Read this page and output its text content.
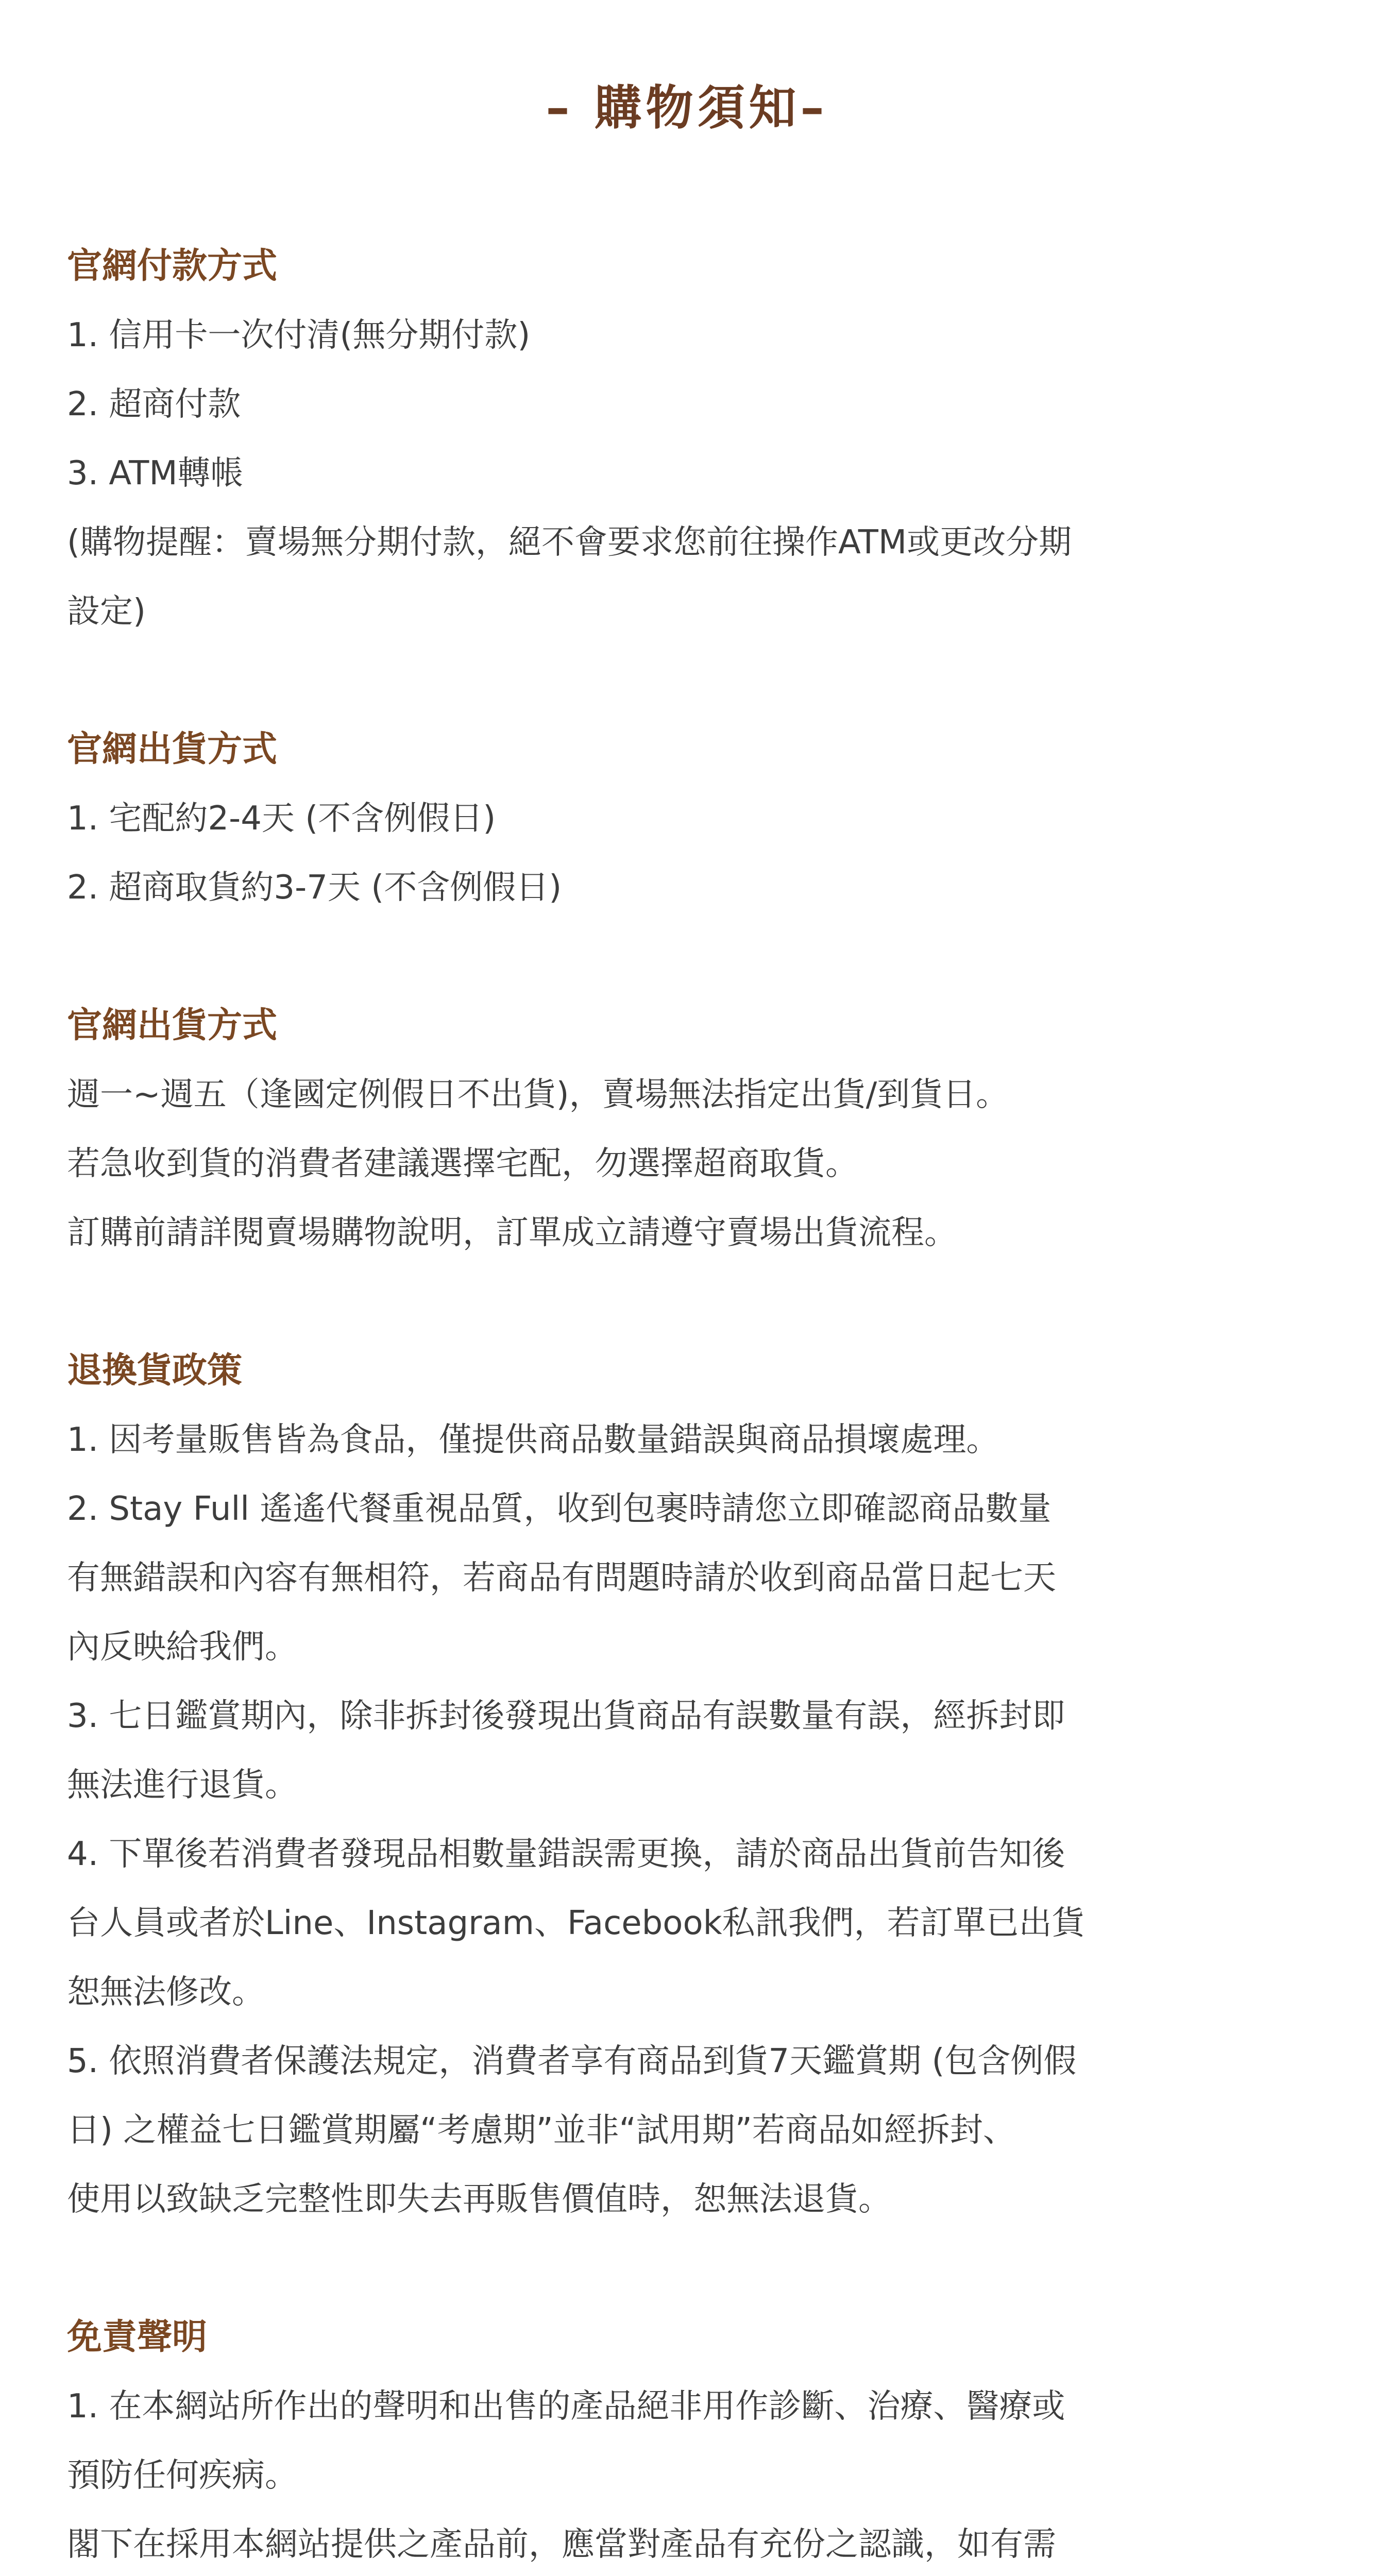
– 購物須知–

官網付款方式

1. 信用卡一次付清(無分期付款)

2. 超商付款

3. ATM轉帳

(購物提醒：賣場無分期付款，絕不會要求您前往操作ATM或更改分期

設定)

官網出貨方式

1. 宅配約2-4天 (不含例假日)

2. 超商取貨約3-7天 (不含例假日)

官網出貨方式

週一~週五（逢國定例假日不出貨)，賣場無法指定出貨/到貨日。

若急收到貨的消費者建議選擇宅配，勿選擇超商取貨。

訂購前請詳閱賣場購物說明，訂單成立請遵守賣場出貨流程。

退換貨政策

1. 因考量販售皆為食品，僅提供商品數量錯誤與商品損壞處理。

2. Stay Full 遙遙代餐重視品質，收到包裹時請您立即確認商品數量

有無錯誤和內容有無相符，若商品有問題時請於收到商品當日起七天

內反映給我們。

3. 七日鑑賞期內，除非拆封後發現出貨商品有誤數量有誤，經拆封即

無法進行退貨。

4. 下單後若消費者發現品相數量錯誤需更換，請於商品出貨前告知後

台人員或者於Line、Instagram、Facebook私訊我們，若訂單已出貨

恕無法修改。

5. 依照消費者保護法規定，消費者享有商品到貨7天鑑賞期 (包含例假

日) 之權益七日鑑賞期屬“考慮期”並非“試用期”若商品如經拆封、

使用以致缺乏完整性即失去再販售價值時，恕無法退貨。

免責聲明

1. 在本網站所作出的聲明和出售的產品絕非用作診斷、治療、醫療或

預防任何疾病。

閣下在採用本網站提供之產品前，應當對產品有充份之認識，如有需
